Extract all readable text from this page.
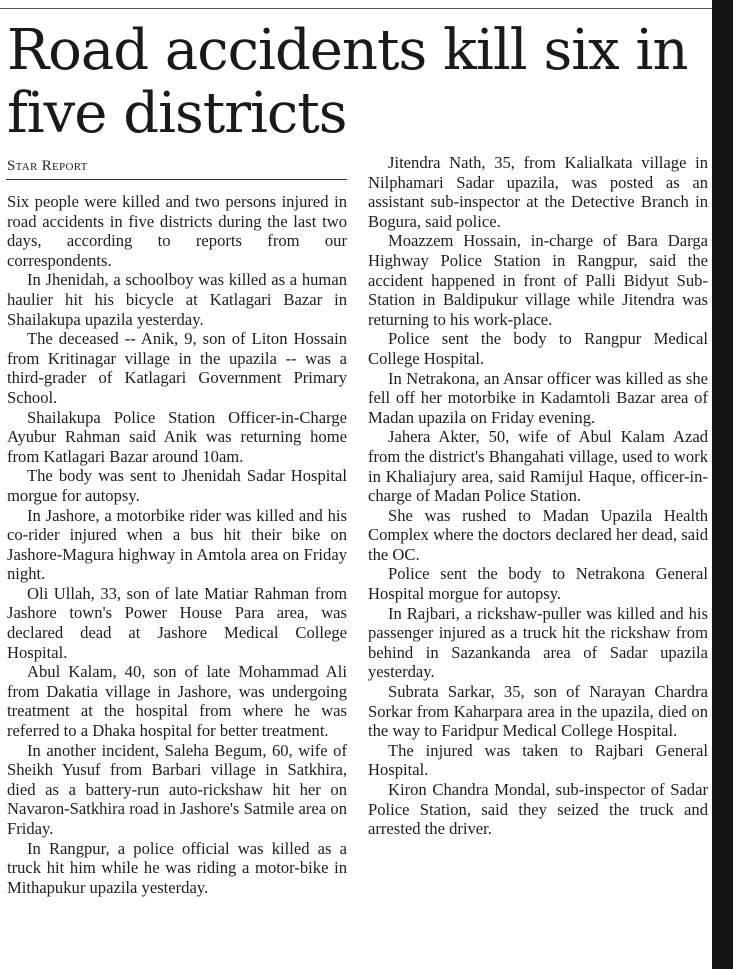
Road accidents kill six in five districts
Star Report

Six people were killed and two persons injured in road accidents in five districts during the last two days, according to reports from our correspondents.

In Jhenidah, a schoolboy was killed as a human haulier hit his bicycle at Katlagari Bazar in Shailakupa upazila yesterday.

The deceased -- Anik, 9, son of Liton Hossain from Kritinagar village in the upazila -- was a third-grader of Katlagari Government Primary School.

Shailakupa Police Station Officer-in-Charge Ayubur Rahman said Anik was returning home from Katlagari Bazar around 10am.

The body was sent to Jhenidah Sadar Hospital morgue for autopsy.

In Jashore, a motorbike rider was killed and his co-rider injured when a bus hit their bike on Jashore-Magura highway in Amtola area on Friday night.

Oli Ullah, 33, son of late Matiar Rahman from Jashore town's Power House Para area, was declared dead at Jashore Medical College Hospital.

Abul Kalam, 40, son of late Mohammad Ali from Dakatia village in Jashore, was undergoing treatment at the hospital from where he was referred to a Dhaka hospital for better treatment.

In another incident, Saleha Begum, 60, wife of Sheikh Yusuf from Barbari village in Satkhira, died as a battery-run auto-rickshaw hit her on Navaron-Satkhira road in Jashore's Satmile area on Friday.

In Rangpur, a police official was killed as a truck hit him while he was riding a motor-bike in Mithapukur upazila yesterday.

Jitendra Nath, 35, from Kalialkata village in Nilphamari Sadar upazila, was posted as an assistant sub-inspector at the Detective Branch in Bogura, said police.

Moazzem Hossain, in-charge of Bara Darga Highway Police Station in Rangpur, said the accident happened in front of Palli Bidyut Sub-Station in Baldipukur village while Jitendra was returning to his work-place.

Police sent the body to Rangpur Medical College Hospital.

In Netrakona, an Ansar officer was killed as she fell off her motorbike in Kadamtoli Bazar area of Madan upazila on Friday evening.

Jahera Akter, 50, wife of Abul Kalam Azad from the district's Bhangahati village, used to work in Khaliajury area, said Ramijul Haque, officer-in-charge of Madan Police Station.

She was rushed to Madan Upazila Health Complex where the doctors declared her dead, said the OC.

Police sent the body to Netrakona General Hospital morgue for autopsy.

In Rajbari, a rickshaw-puller was killed and his passenger injured as a truck hit the rickshaw from behind in Sazankanda area of Sadar upazila yesterday.

Subrata Sarkar, 35, son of Narayan Chardra Sorkar from Kaharpara area in the upazila, died on the way to Faridpur Medical College Hospital.

The injured was taken to Rajbari General Hospital.

Kiron Chandra Mondal, sub-inspector of Sadar Police Station, said they seized the truck and arrested the driver.
